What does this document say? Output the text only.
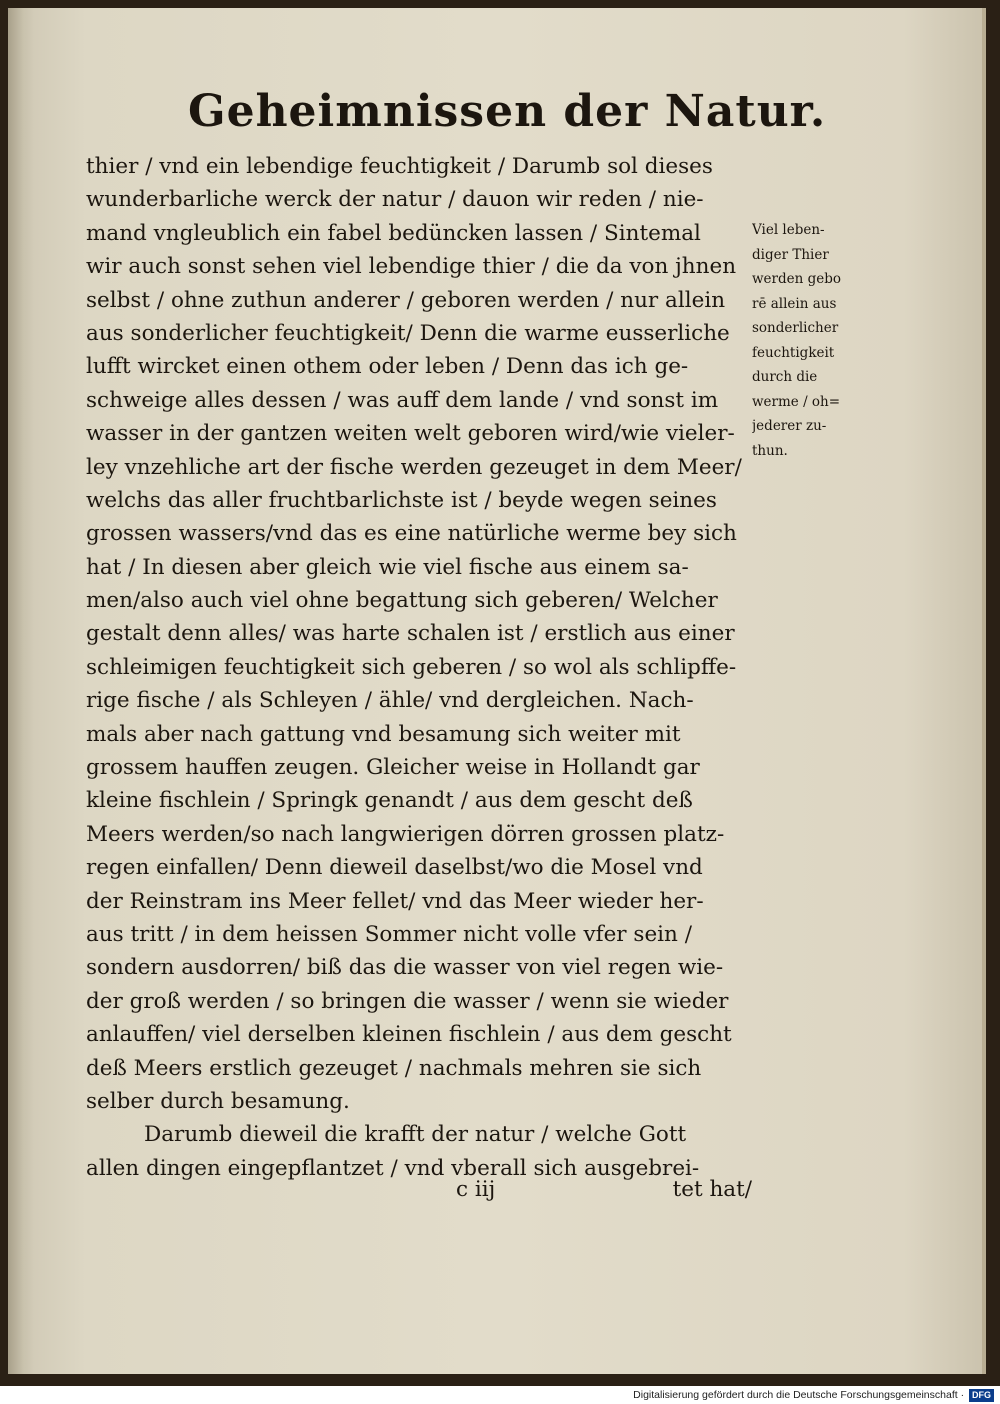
Geheimnissen der Natur.
thier / vnd ein lebendige feuchtigkeit / Darumb sol dieses
wunderbarliche werck der natur / dauon wir reden / nie-
mand vngleublich ein fabel bedüncken lassen / Sintemal
wir auch sonst sehen viel lebendige thier / die da von jhnen
selbst / ohne zuthun anderer / geboren werden / nur allein
aus sonderlicher feuchtigkeit/ Denn die warme eusserliche
lufft wircket einen othem oder leben / Denn das ich ge-
schweige alles dessen / was auff dem lande / vnd sonst im
wasser in der gantzen weiten welt geboren wird/wie vieler-
ley vnzehliche art der fische werden gezeuget in dem Meer/
welchs das aller fruchtbarlichste ist / beyde wegen seines
grossen wassers/vnd das es eine natürliche werme bey sich
hat / In diesen aber gleich wie viel fische aus einem sa-
men/also auch viel ohne begattung sich geberen/ Welcher
gestalt denn alles/ was harte schalen ist / erstlich aus einer
schleimigen feuchtigkeit sich geberen / so wol als schlipffe-
rige fische / als Schleyen / ähle/ vnd dergleichen. Nach-
mals aber nach gattung vnd besamung sich weiter mit
grossem hauffen zeugen. Gleicher weise in Hollandt gar
kleine fischlein / Springk genandt / aus dem gescht deß
Meers werden/so nach langwierigen dörren grossen platz-
regen einfallen/ Denn dieweil daselbst/wo die Mosel vnd
der Reinstram ins Meer fellet/ vnd das Meer wieder her-
aus tritt / in dem heissen Sommer nicht volle vfer sein /
sondern ausdorren/ biß das die wasser von viel regen wie-
der groß werden / so bringen die wasser / wenn sie wieder
anlauffen/ viel derselben kleinen fischlein / aus dem gescht
deß Meers erstlich gezeuget / nachmals mehren sie sich
selber durch besamung.
Darumb dieweil die krafft der natur / welche Gott
allen dingen eingepflantzet / vnd vberall sich ausgebrei-
Viel leben-
diger Thier
werden gebo
rē allein aus
sonderlicher
feuchtigkeit
durch die
werme / oh=
jederer zu-
thun.
c iij	tet hat/
Digitalisierung gefördert durch die Deutsche Forschungsgemeinschaft · DFG
